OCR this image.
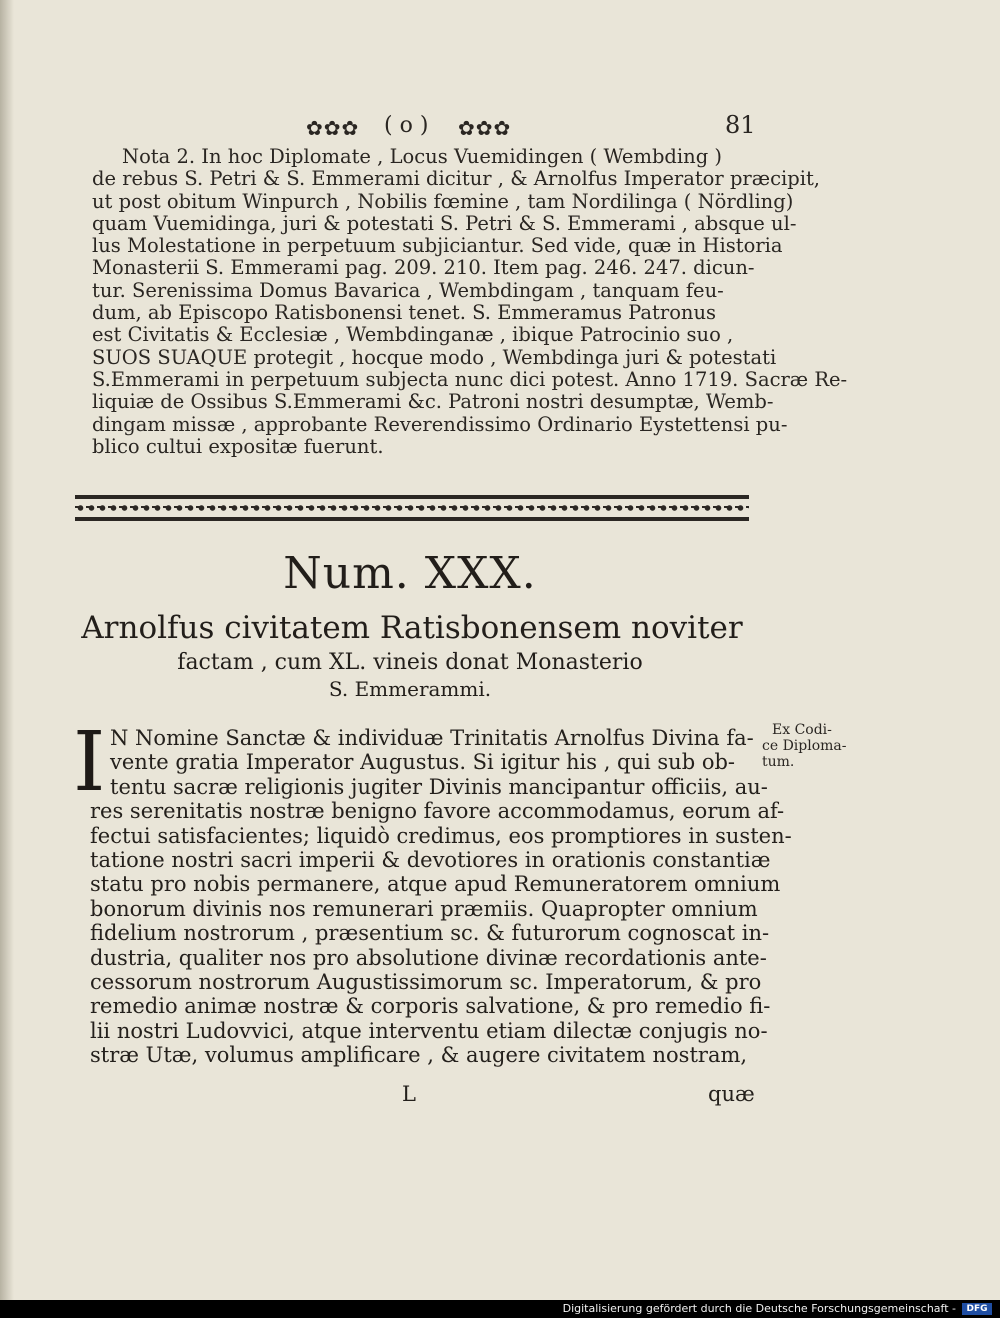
✿✿✿ ( o ) ✿✿✿	81
Nota 2. In hoc Diplomate , Locus Vuemidingen ( Wembding )
de rebus S. Petri & S. Emmerami dicitur , & Arnolfus Imperator præcipit,
ut post obitum Winpurch , Nobilis fœmine , tam Nordilinga ( Nördling)
quam Vuemidinga, juri & potestati S. Petri & S. Emmerami , absque ul-
lus Molestatione in perpetuum subjiciantur. Sed vide, quæ in Historia
Monasterii S. Emmerami pag. 209. 210. Item pag. 246. 247. dicun-
tur. Serenissima Domus Bavarica , Wembdingam , tanquam feu-
dum, ab Episcopo Ratisbonensi tenet. S. Emmeramus Patronus
est Civitatis & Ecclesiæ , Wembdinganæ , ibique Patrocinio suo ,
SUOS SUAQUE protegit , hocque modo , Wembdinga juri & potestati
S.Emmerami in perpetuum subjecta nunc dici potest. Anno 1719. Sacræ Re-
liquiæ de Ossibus S.Emmerami &c. Patroni nostri desumptæ, Wemb-
dingam missæ , approbante Reverendissimo Ordinario Eystettensi pu-
blico cultui expositæ fuerunt.
Num. XXX.
Arnolfus civitatem Ratisbonensem noviter
factam , cum XL. vineis donat Monasterio
S. Emmerammi.
I N Nomine Sanctæ & individuæ Trinitatis Arnolfus Divina fa-
vente gratia Imperator Augustus. Si igitur his , qui sub ob-
tentu sacræ religionis jugiter Divinis mancipantur officiis, au-
res serenitatis nostræ benigno favore accommodamus, eorum af-
fectui satisfacientes; liquidò credimus, eos promptiores in susten-
tatione nostri sacri imperii & devotiores in orationis constantiæ
statu pro nobis permanere, atque apud Remuneratorem omnium
bonorum divinis nos remunerari præmiis. Quapropter omnium
fidelium nostrorum , præsentium sc. & futurorum cognoscat in-
dustria, qualiter nos pro absolutione divinæ recordationis ante-
cessorum nostrorum Augustissimorum sc. Imperatorum, & pro
remedio animæ nostræ & corporis salvatione, & pro remedio fi-
lii nostri Ludovvici, atque interventu etiam dilectæ conjugis no-
stræ Utæ, volumus amplificare , & augere civitatem nostram,
Ex Codi-
ce Diploma-
tum.
L	quæ
Digitalisierung gefördert durch die Deutsche Forschungsgemeinschaft -	DFG
